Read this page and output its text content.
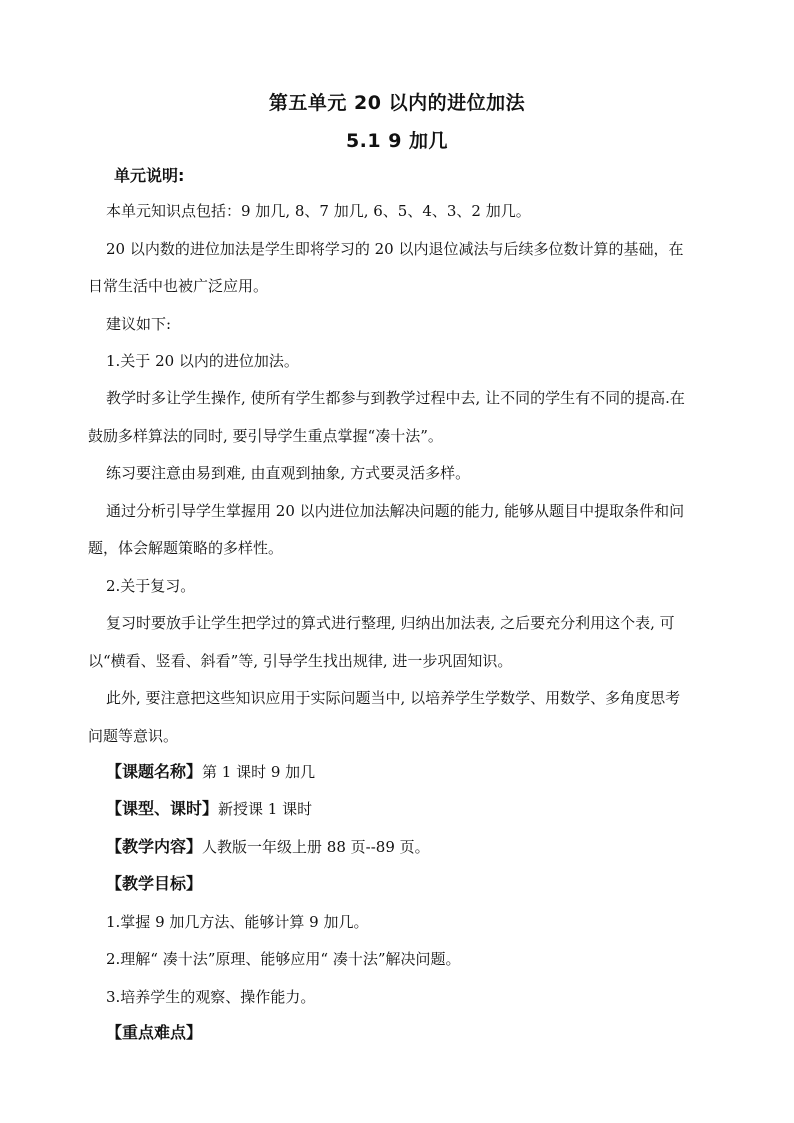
第五单元 20 以内的进位加法
5.1 9 加几
单元说明:
本单元知识点包括：9 加几, 8、7 加几, 6、5、4、3、2 加几。
20 以内数的进位加法是学生即将学习的 20 以内退位减法与后续多位数计算的基础，在
日常生活中也被广泛应用。
建议如下:
1.关于 20 以内的进位加法。
教学时多让学生操作, 使所有学生都参与到教学过程中去, 让不同的学生有不同的提高.在
鼓励多样算法的同时, 要引导学生重点掌握“凑十法”。
练习要注意由易到难, 由直观到抽象, 方式要灵活多样。
通过分析引导学生掌握用 20 以内进位加法解决问题的能力, 能够从题目中提取条件和问
题，体会解题策略的多样性。
2.关于复习。
复习时要放手让学生把学过的算式进行整理, 归纳出加法表, 之后要充分利用这个表, 可
以“横看、竖看、斜看”等, 引导学生找出规律, 进一步巩固知识。
此外, 要注意把这些知识应用于实际问题当中, 以培养学生学数学、用数学、多角度思考
问题等意识。
【课题名称】第 1 课时 9 加几
【课型、课时】新授课 1 课时
【教学内容】人教版一年级上册 88 页--89 页。
【教学目标】
1.掌握 9 加几方法、能够计算 9 加几。
2.理解“ 凑十法”原理、能够应用“ 凑十法”解决问题。
3.培养学生的观察、操作能力。
【重点难点】
